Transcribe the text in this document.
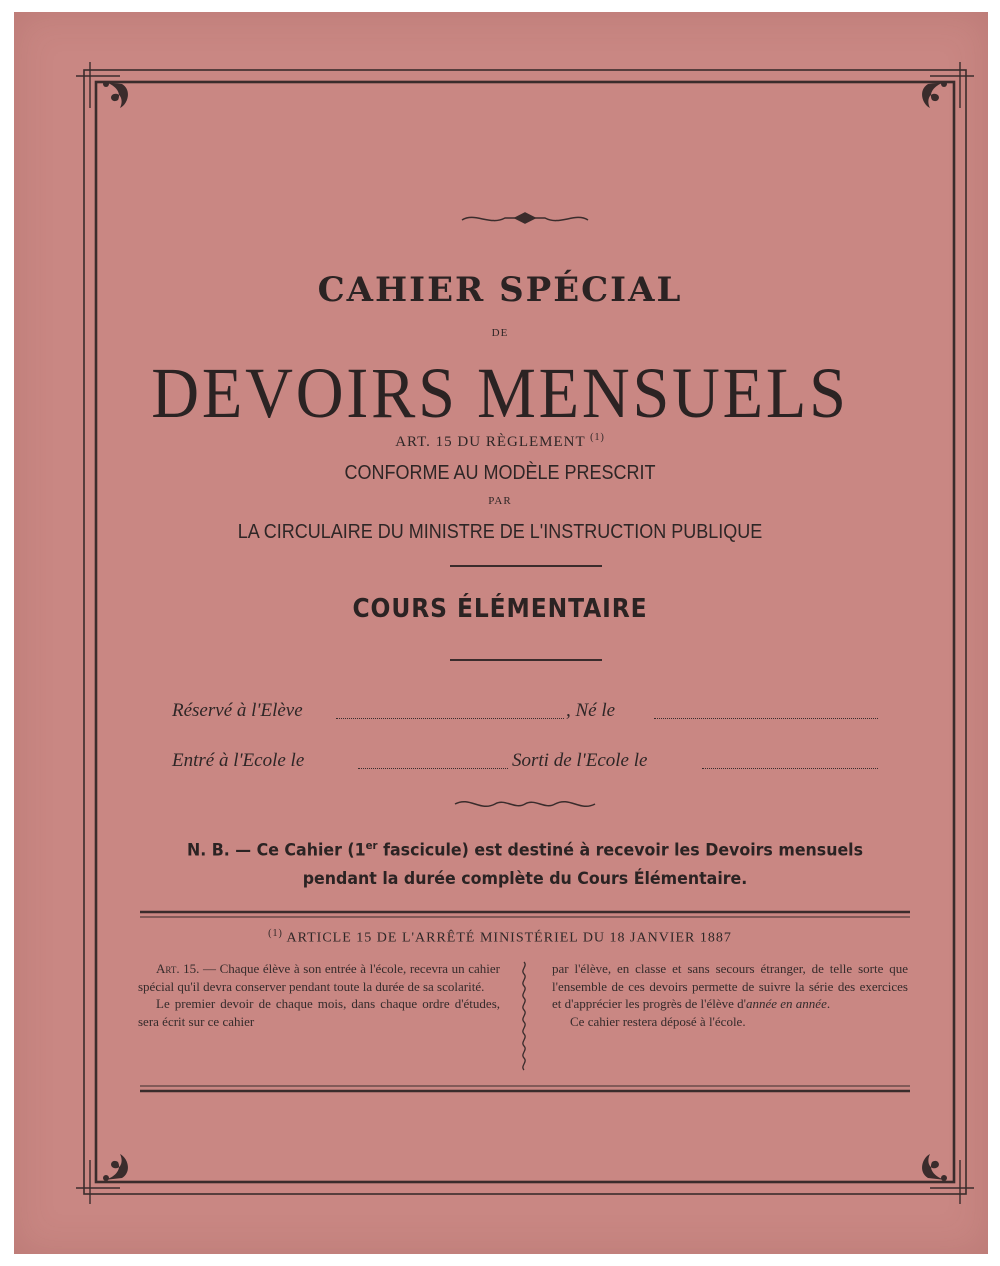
CAHIER SPÉCIAL
DE
DEVOIRS MENSUELS
ART. 15 DU RÈGLEMENT $^{(1)}$
CONFORME AU MODÈLE PRESCRIT
PAR
LA CIRCULAIRE DU MINISTRE DE L'INSTRUCTION PUBLIQUE
COURS ÉLÉMENTAIRE
Réservé à l'Elève	, Né le
Entré à l'Ecole le	Sorti de l'Ecole le
N. B. — Ce Cahier (1er fascicule) est destiné à recevoir les Devoirs mensuels
pendant la durée complète du Cours Élémentaire.
$^{(1)}$ ARTICLE 15 DE L'ARRÊTÉ MINISTÉRIEL DU 18 JANVIER 1887

Art. 15. — Chaque élève à son entrée à l'école, recevra un cahier spécial qu'il devra conserver pendant toute la durée de sa scolarité.

Le premier devoir de chaque mois, dans chaque ordre d'études, sera écrit sur ce cahier

par l'élève, en classe et sans secours étranger, de telle sorte que l'ensemble de ces devoirs permette de suivre la série des exercices et d'apprécier les progrès de l'élève d'année en année.

Ce cahier restera déposé à l'école.
